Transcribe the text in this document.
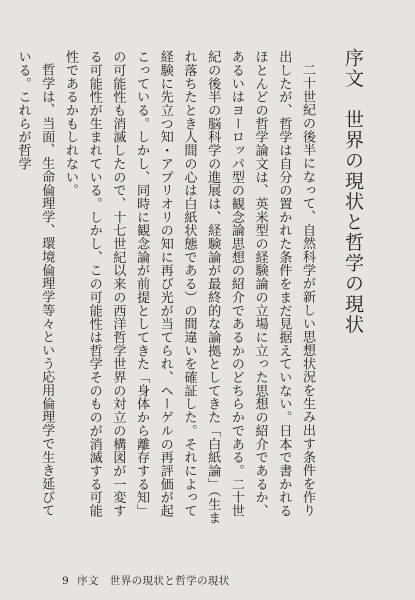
序文　世界の現状と哲学の現状

二十世紀の後半になって、自然科学が新しい思想状況を生み出す条件を作り出したが、哲学は自分の置かれた条件をまだ見据えていない。日本で書かれるほとんどの哲学論文は、英米型の経験論の立場に立った思想の紹介であるか、あるいはヨーロッパ型の観念論思想の紹介であるかのどちらかである。二十世紀の後半の脳科学の進展は、経験論が最終的な論拠としてきた「白紙論」（生まれ落ちたとき人間の心は白紙状態である）の間違いを確証した。それによって経験に先立つ知・アプリオリの知に再び光が当てられ、ヘーゲルの再評価が起こっている。しかし、同時に観念論が前提としてきた「身体から離存する知」の可能性も消滅したので、十七世紀以来の西洋哲学世界の対立の構図が一変する可能性が生まれている。しかし、この可能性は哲学そのものが消滅する可能性であるかもしれない。

哲学は、当面、生命倫理学、環境倫理学等々という応用倫理学で生き延びている。これらが哲学

9 序文　世界の現状と哲学の現状
